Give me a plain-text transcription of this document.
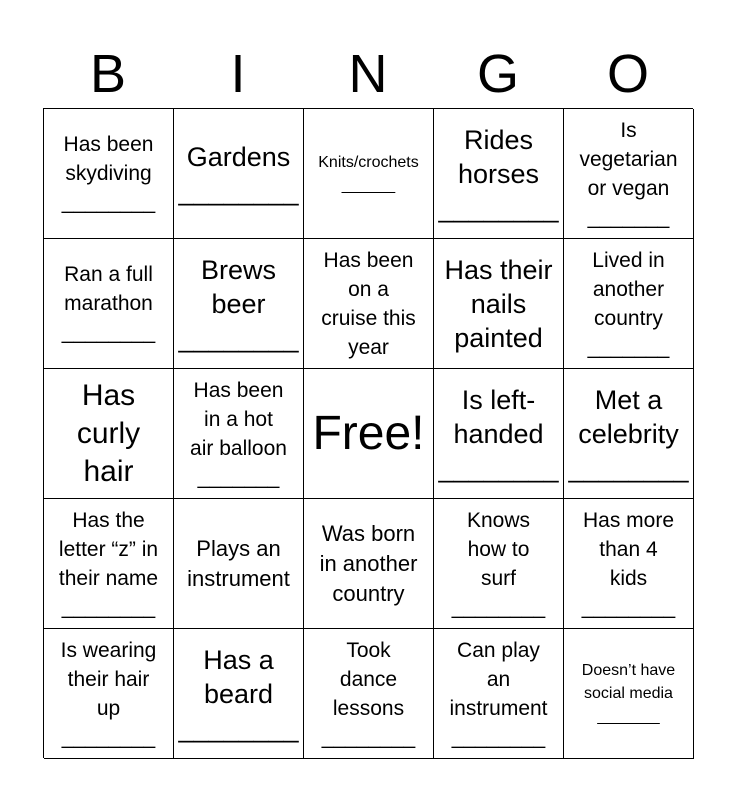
B	I	N	G	O
Has been
skydiving
________
Gardens
________
Knits/crochets
______
Rides
horses
________
Is
vegetarian
or vegan
_______
Ran a full
marathon
________
Brews
beer
________
Has been
on a
cruise this
year
Has their
nails
painted
Lived in
another
country
_______
Has
curly
hair
Has been
in a hot
air balloon
_______
Free!
Is left-
handed
________
Met a
celebrity
________
Has the
letter “z” in
their name
________
Plays an
instrument
Was born
in another
country
Knows
how to
surf
________
Has more
than 4
kids
________
Is wearing
their hair
up
________
Has a
beard
________
Took
dance
lessons
________
Can play
an
instrument
________
Doesn’t have
social media
_______
